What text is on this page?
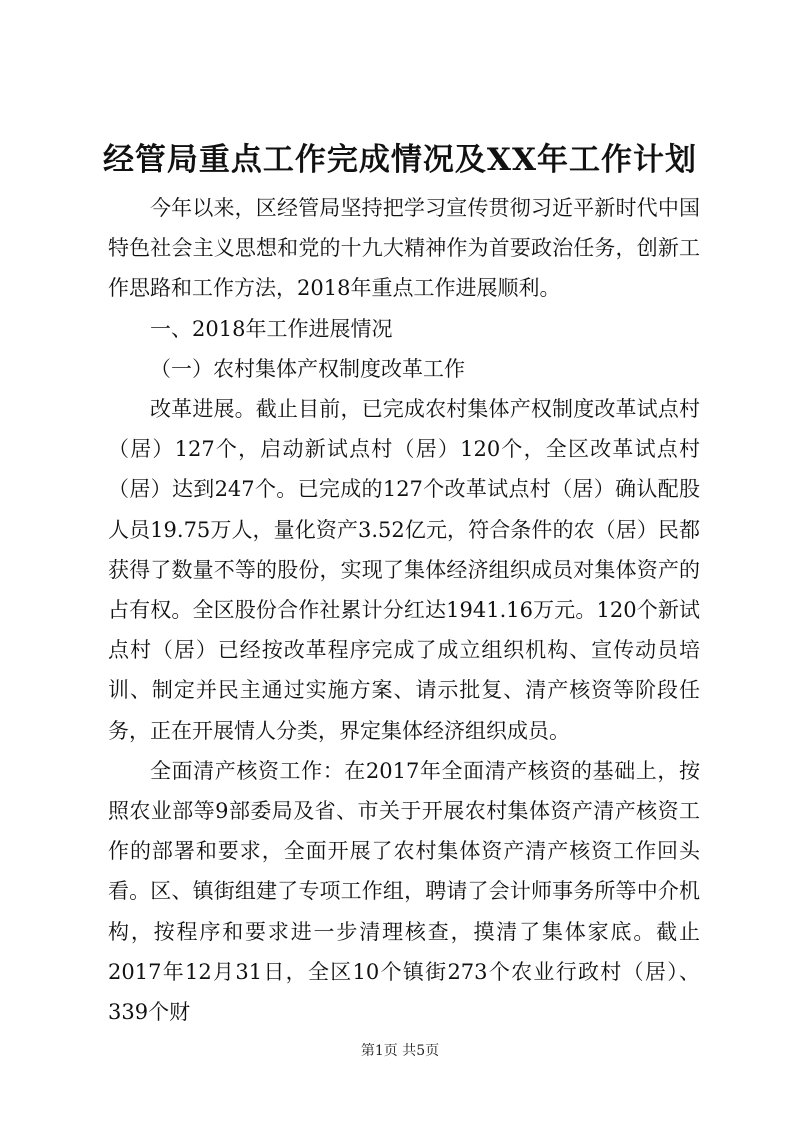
经管局重点工作完成情况及XX年工作计划

今年以来，区经管局坚持把学习宣传贯彻习近平新时代中国特色社会主义思想和党的十九大精神作为首要政治任务，创新工作思路和工作方法，2018年重点工作进展顺利。

一、2018年工作进展情况

（一）农村集体产权制度改革工作

改革进展。截止目前，已完成农村集体产权制度改革试点村（居）127个，启动新试点村（居）120个，全区改革试点村（居）达到247个。已完成的127个改革试点村（居）确认配股人员19.75万人，量化资产3.52亿元，符合条件的农（居）民都获得了数量不等的股份，实现了集体经济组织成员对集体资产的占有权。全区股份合作社累计分红达1941.16万元。120个新试点村（居）已经按改革程序完成了成立组织机构、宣传动员培训、制定并民主通过实施方案、请示批复、清产核资等阶段任务，正在开展情人分类，界定集体经济组织成员。

全面清产核资工作：在2017年全面清产核资的基础上，按照农业部等9部委局及省、市关于开展农村集体资产清产核资工作的部署和要求，全面开展了农村集体资产清产核资工作回头看。区、镇街组建了专项工作组，聘请了会计师事务所等中介机构，按程序和要求进一步清理核查，摸清了集体家底。截止2017年12月31日，全区10个镇街273个农业行政村（居）、339个财

第1页 共5页
